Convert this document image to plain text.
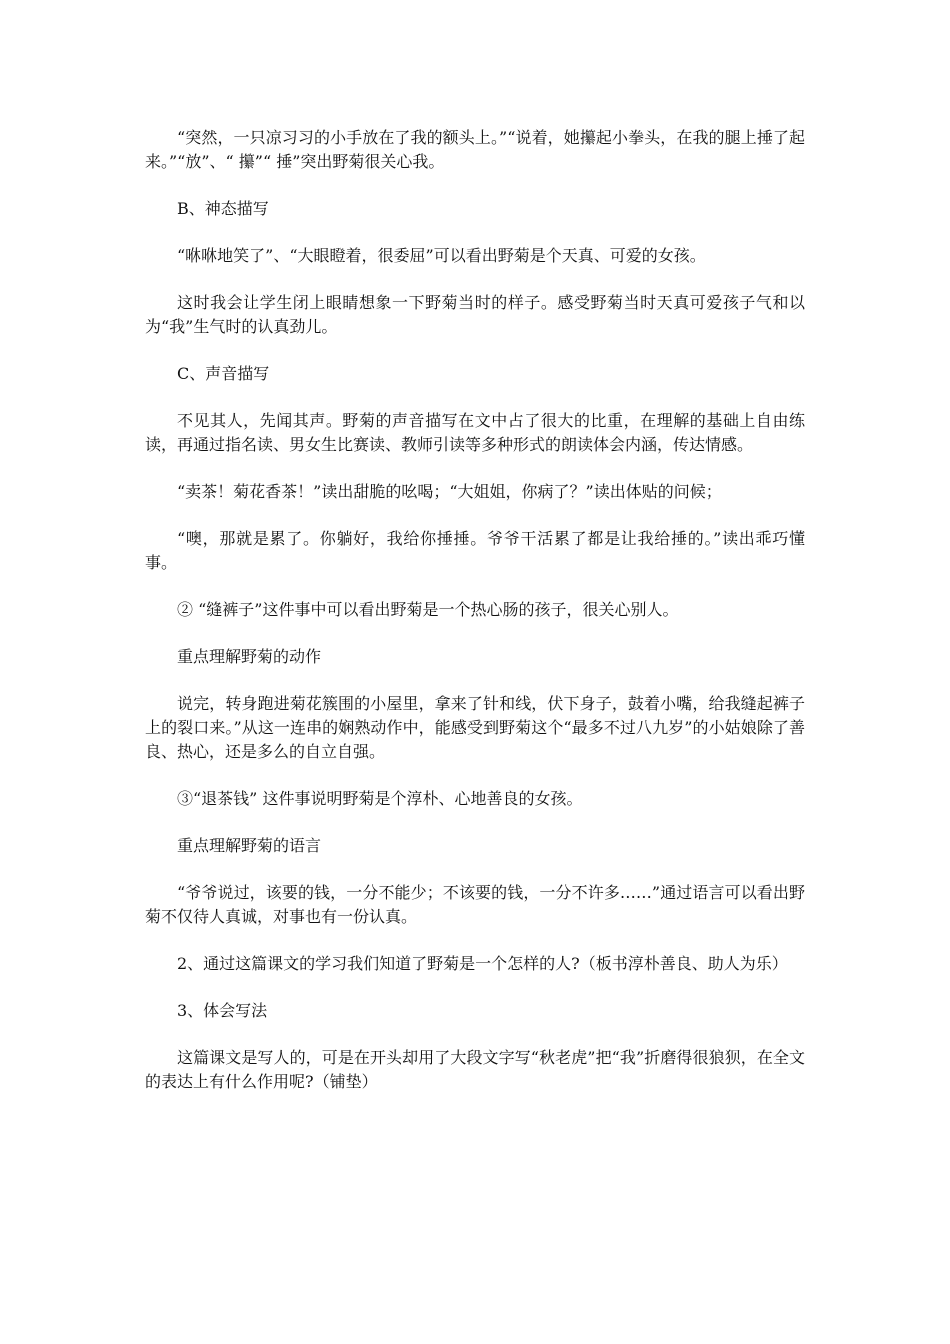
“突然，一只凉习习的小手放在了我的额头上。”“说着，她攥起小拳头，在我的腿上捶了起来。”“放”、“ 攥”“ 捶”突出野菊很关心我。

B、神态描写

“咻咻地笑了”、“大眼瞪着，很委屈”可以看出野菊是个天真、可爱的女孩。

这时我会让学生闭上眼睛想象一下野菊当时的样子。感受野菊当时天真可爱孩子气和以为“我”生气时的认真劲儿。

C、声音描写

不见其人，先闻其声。野菊的声音描写在文中占了很大的比重，在理解的基础上自由练读，再通过指名读、男女生比赛读、教师引读等多种形式的朗读体会内涵，传达情感。

“卖茶！菊花香茶！”读出甜脆的吆喝；“大姐姐，你病了？”读出体贴的问候；

“噢，那就是累了。你躺好，我给你捶捶。爷爷干活累了都是让我给捶的。”读出乖巧懂事。

② “缝裤子”这件事中可以看出野菊是一个热心肠的孩子，很关心别人。

重点理解野菊的动作

说完，转身跑进菊花簇围的小屋里，拿来了针和线，伏下身子，鼓着小嘴，给我缝起裤子上的裂口来。”从这一连串的娴熟动作中，能感受到野菊这个“最多不过八九岁”的小姑娘除了善良、热心，还是多么的自立自强。

③“退茶钱” 这件事说明野菊是个淳朴、心地善良的女孩。

重点理解野菊的语言

“爷爷说过，该要的钱，一分不能少；不该要的钱，一分不许多……”通过语言可以看出野菊不仅待人真诚，对事也有一份认真。

2、通过这篇课文的学习我们知道了野菊是一个怎样的人?（板书淳朴善良、助人为乐）

3、体会写法

这篇课文是写人的，可是在开头却用了大段文字写“秋老虎”把“我”折磨得很狼狈，在全文的表达上有什么作用呢?（铺垫）
